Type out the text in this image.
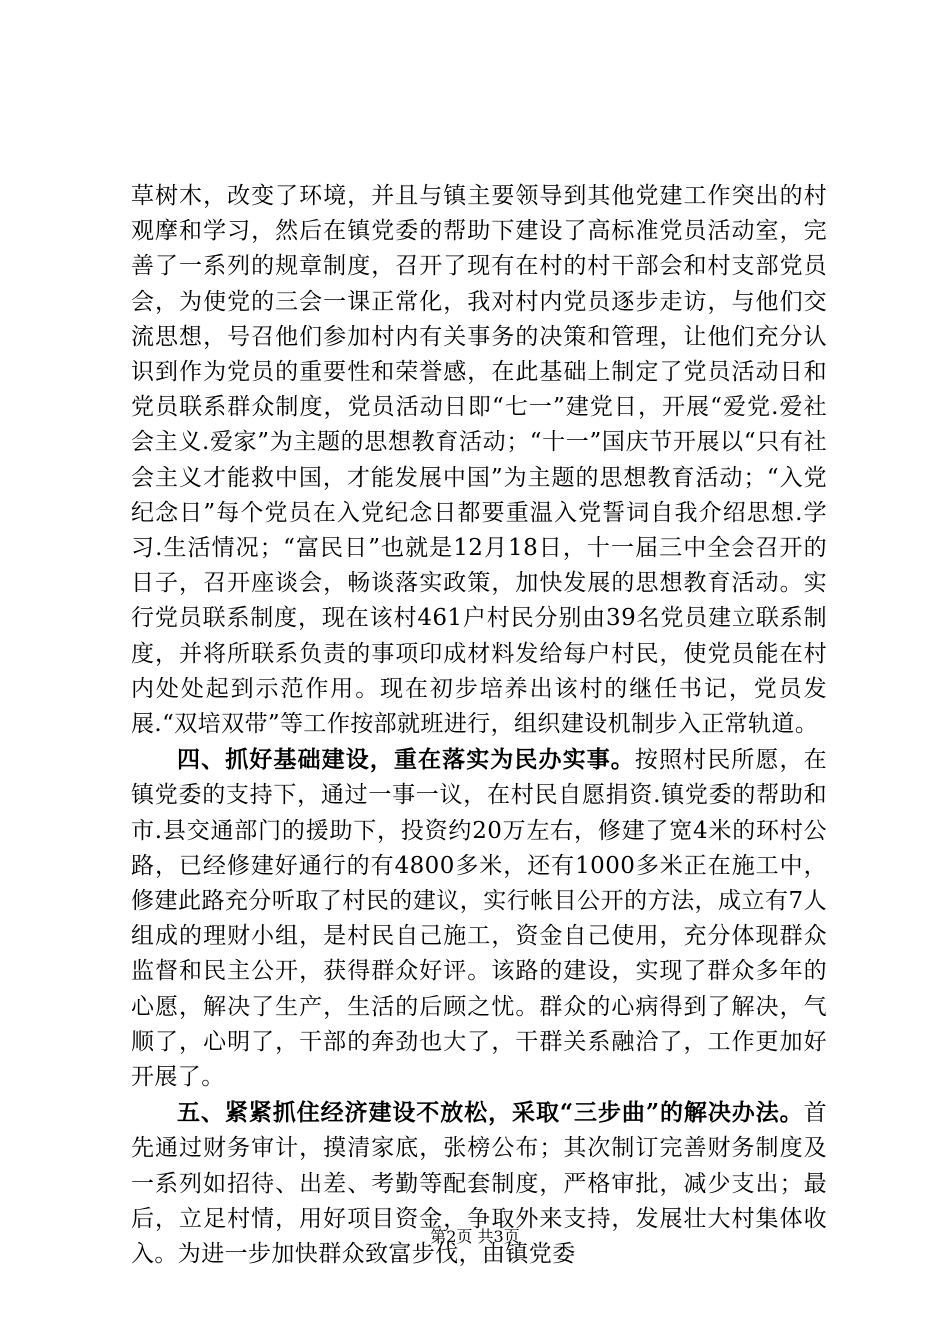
草树木，改变了环境，并且与镇主要领导到其他党建工作突出的村观摩和学习，然后在镇党委的帮助下建设了高标准党员活动室，完善了一系列的规章制度，召开了现有在村的村干部会和村支部党员会，为使党的三会一课正常化，我对村内党员逐步走访，与他们交流思想，号召他们参加村内有关事务的决策和管理，让他们充分认识到作为党员的重要性和荣誉感，在此基础上制定了党员活动日和党员联系群众制度，党员活动日即“七一”建党日，开展“爱党.爱社会主义.爱家”为主题的思想教育活动；“十一”国庆节开展以“只有社会主义才能救中国，才能发展中国”为主题的思想教育活动；“入党纪念日”每个党员在入党纪念日都要重温入党誓词自我介绍思想.学习.生活情况；“富民日”也就是12月18日，十一届三中全会召开的日子，召开座谈会，畅谈落实政策，加快发展的思想教育活动。实行党员联系制度，现在该村461户村民分别由39名党员建立联系制度，并将所联系负责的事项印成材料发给每户村民，使党员能在村内处处起到示范作用。现在初步培养出该村的继任书记，党员发展.“双培双带”等工作按部就班进行，组织建设机制步入正常轨道。

四、抓好基础建设，重在落实为民办实事。按照村民所愿，在镇党委的支持下，通过一事一议，在村民自愿捐资.镇党委的帮助和市.县交通部门的援助下，投资约20万左右，修建了宽4米的环村公路，已经修建好通行的有4800多米，还有1000多米正在施工中，修建此路充分听取了村民的建议，实行帐目公开的方法，成立有7人组成的理财小组，是村民自己施工，资金自己使用，充分体现群众监督和民主公开，获得群众好评。该路的建设，实现了群众多年的心愿，解决了生产，生活的后顾之忧。群众的心病得到了解决，气顺了，心明了，干部的奔劲也大了，干群关系融洽了，工作更加好开展了。

五、紧紧抓住经济建设不放松，采取“三步曲”的解决办法。首先通过财务审计，摸清家底，张榜公布；其次制订完善财务制度及一系列如招待、出差、考勤等配套制度，严格审批，减少支出；最后，立足村情，用好项目资金，争取外来支持，发展壮大村集体收入。为进一步加快群众致富步伐，由镇党委

第2页 共3页
